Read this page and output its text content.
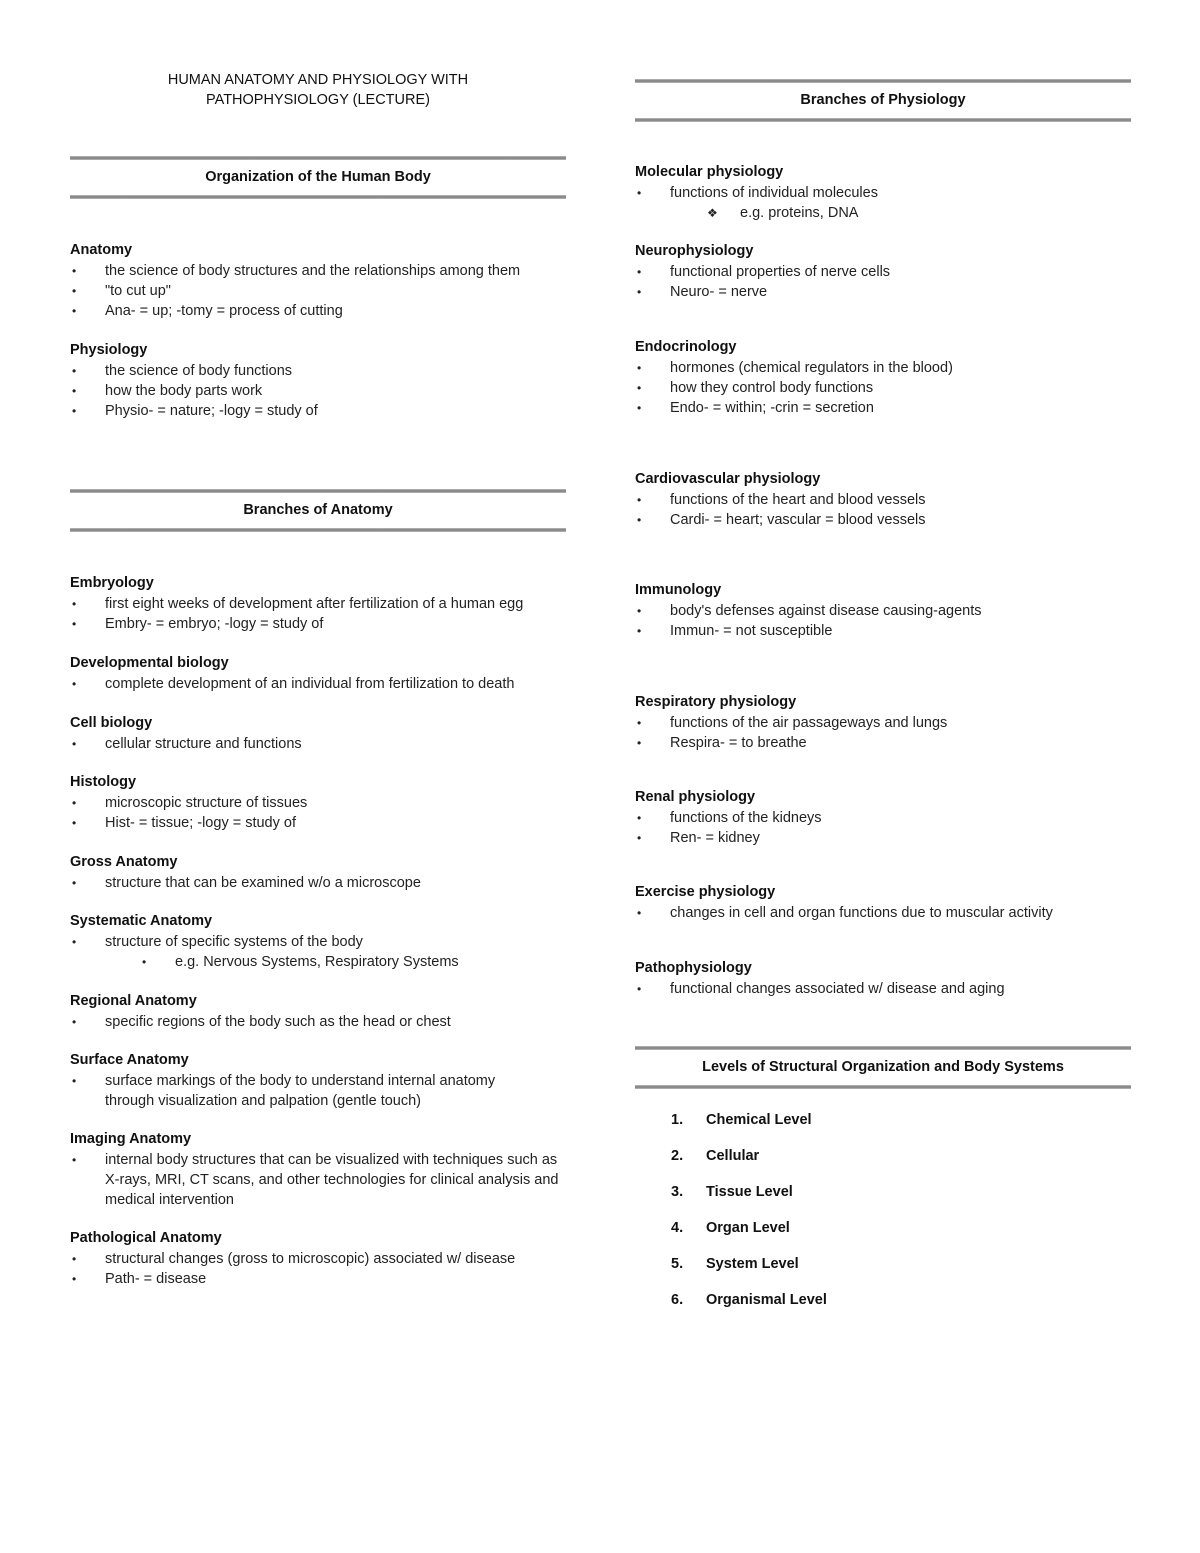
HUMAN ANATOMY AND PHYSIOLOGY WITH
PATHOPHYSIOLOGY (LECTURE)
Organization of the Human Body
Anatomy
• the science of body structures and the relationships among them
• "to cut up"
• Ana- = up; -tomy = process of cutting
Physiology
• the science of body functions
• how the body parts work
• Physio- = nature; -logy = study of
Branches of Anatomy
Embryology
• first eight weeks of development after fertilization of a human egg
• Embry- = embryo; -logy = study of
Developmental biology
• complete development of an individual from fertilization to death
Cell biology
• cellular structure and functions
Histology
• microscopic structure of tissues
• Hist- = tissue; -logy = study of
Gross Anatomy
• structure that can be examined w/o a microscope
Systematic Anatomy
• structure of specific systems of the body
• e.g. Nervous Systems, Respiratory Systems
Regional Anatomy
• specific regions of the body such as the head or chest
Surface Anatomy
• surface markings of the body to understand internal anatomy through visualization and palpation (gentle touch)
Imaging Anatomy
• internal body structures that can be visualized with techniques such as X-rays, MRI, CT scans, and other technologies for clinical analysis and medical intervention
Pathological Anatomy
• structural changes (gross to microscopic) associated w/ disease
• Path- = disease
Branches of Physiology
Molecular physiology
• functions of individual molecules
❖ e.g. proteins, DNA
Neurophysiology
• functional properties of nerve cells
• Neuro- = nerve
Endocrinology
• hormones (chemical regulators in the blood)
• how they control body functions
• Endo- = within; -crin = secretion
Cardiovascular physiology
• functions of the heart and blood vessels
• Cardi- = heart; vascular = blood vessels
Immunology
• body's defenses against disease causing-agents
• Immun- = not susceptible
Respiratory physiology
• functions of the air passageways and lungs
• Respira- = to breathe
Renal physiology
• functions of the kidneys
• Ren- = kidney
Exercise physiology
• changes in cell and organ functions due to muscular activity
Pathophysiology
• functional changes associated w/ disease and aging
Levels of Structural Organization and Body Systems
1. Chemical Level
2. Cellular
3. Tissue Level
4. Organ Level
5. System Level
6. Organismal Level
